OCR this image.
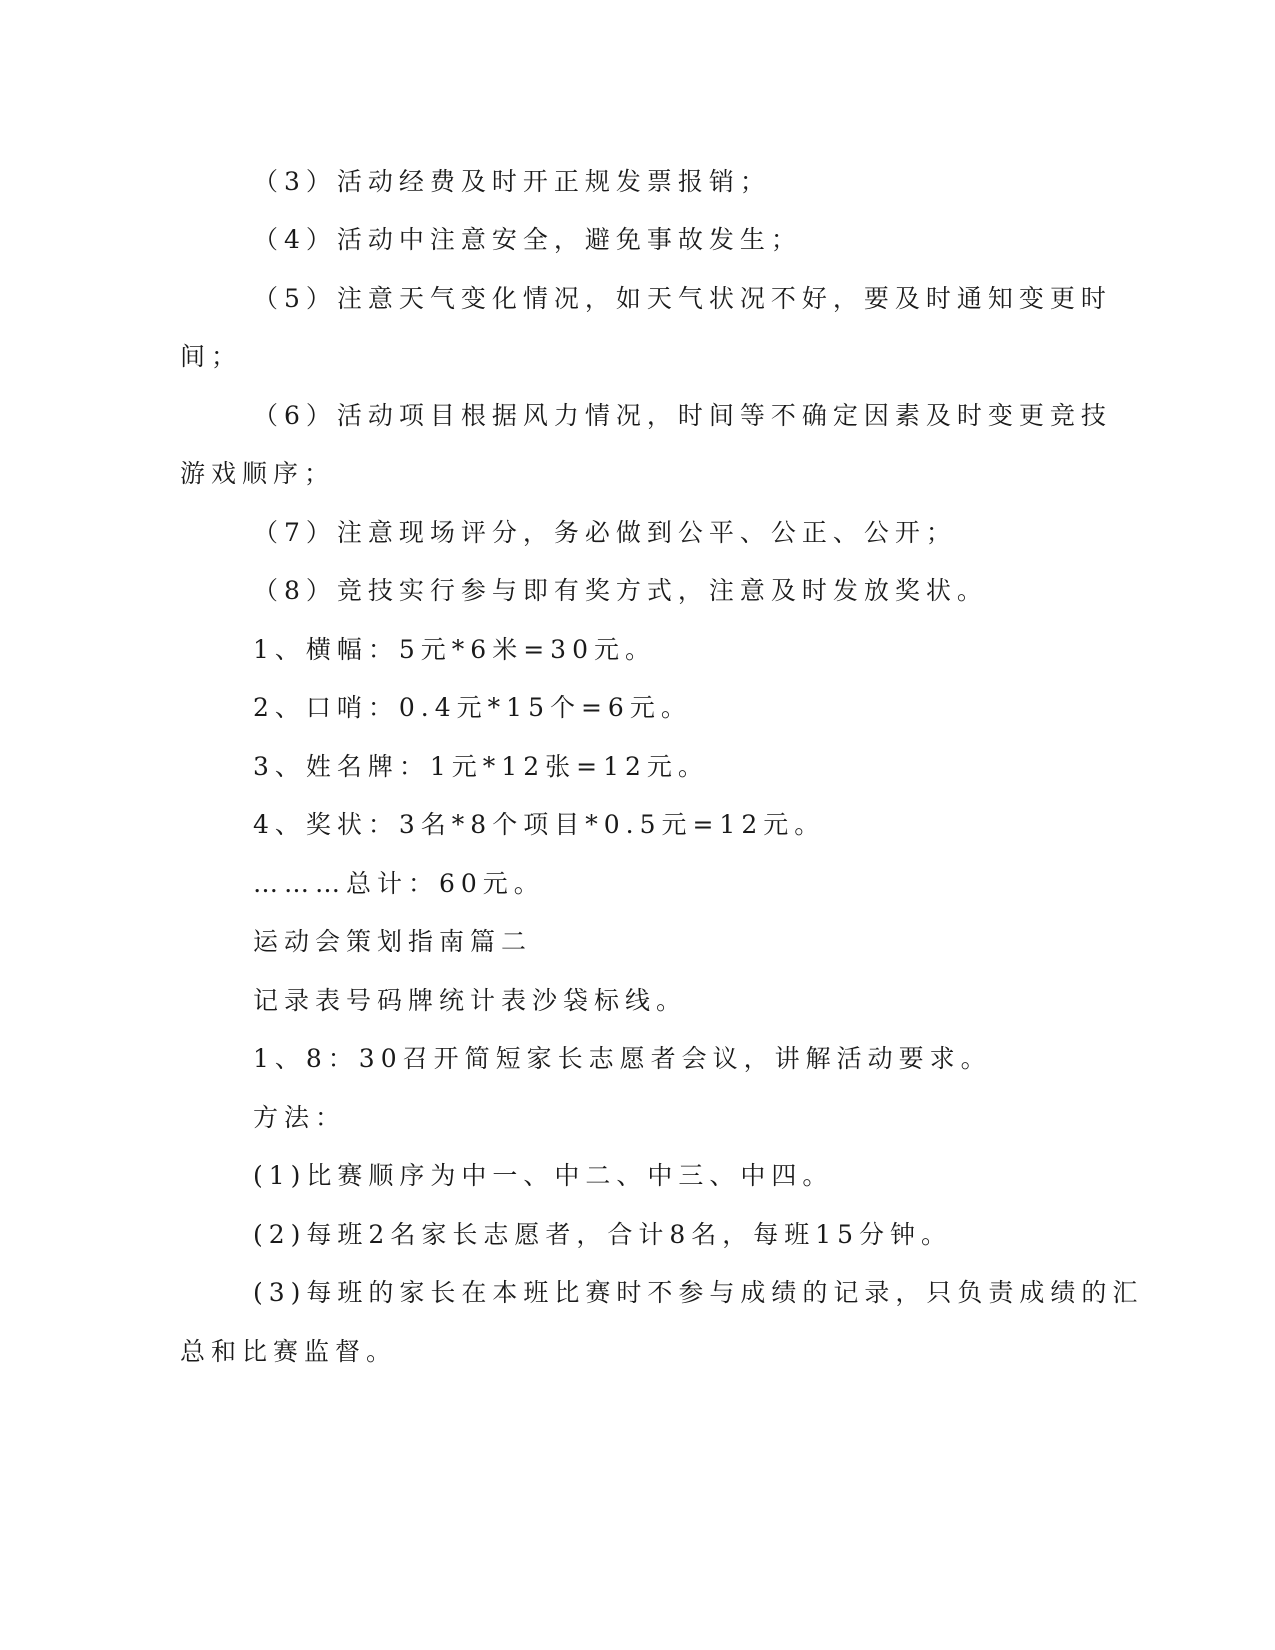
（3）活动经费及时开正规发票报销；
（4）活动中注意安全，避免事故发生；
（5）注意天气变化情况，如天气状况不好，要及时通知变更时
间；
（6）活动项目根据风力情况，时间等不确定因素及时变更竞技
游戏顺序；
（7）注意现场评分，务必做到公平、公正、公开；
（8）竞技实行参与即有奖方式，注意及时发放奖状。
1、横幅：5元*6米=30元。
2、口哨：0.4元*15个=6元。
3、姓名牌：1元*12张=12元。
4、奖状：3名*8个项目*0.5元=12元。
………总计：60元。
运动会策划指南篇二
记录表号码牌统计表沙袋标线。
1、8：30召开简短家长志愿者会议，讲解活动要求。
方法：
(1)比赛顺序为中一、中二、中三、中四。
(2)每班2名家长志愿者，合计8名，每班15分钟。
(3)每班的家长在本班比赛时不参与成绩的记录，只负责成绩的汇
总和比赛监督。
